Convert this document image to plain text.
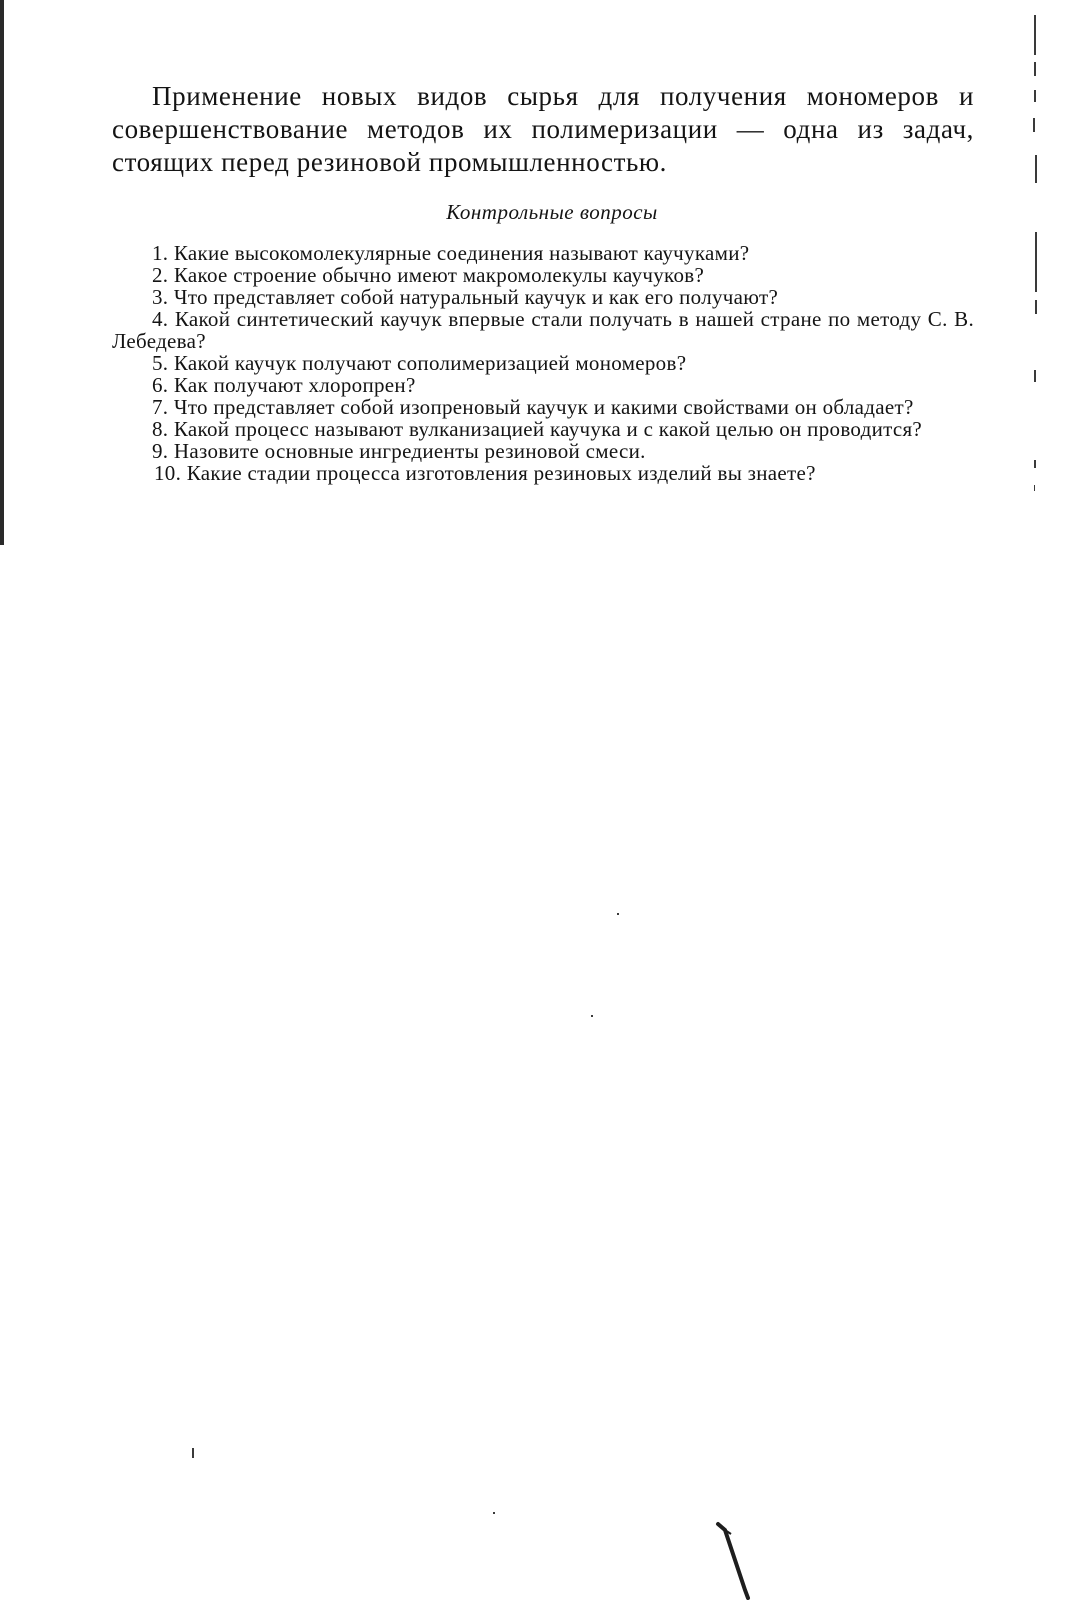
Применение новых видов сырья для получения мономеров и совершенствование методов их полимеризации — одна из задач, стоящих перед резиновой промышленностью.

Контрольные вопросы

1. Какие высокомолекулярные соединения называют каучуками?
2. Какое строение обычно имеют макромолекулы каучуков?
3. Что представляет собой натуральный каучук и как его получают?
4. Какой синтетический каучук впервые стали получать в нашей стране по методу С. В. Лебедева?
5. Какой каучук получают сополимеризацией мономеров?
6. Как получают хлоропрен?
7. Что представляет собой изопреновый каучук и какими свойствами он обладает?
8. Какой процесс называют вулканизацией каучука и с какой целью он проводится?
9. Назовите основные ингредиенты резиновой смеси.
10. Какие стадии процесса изготовления резиновых изделий вы знаете?
